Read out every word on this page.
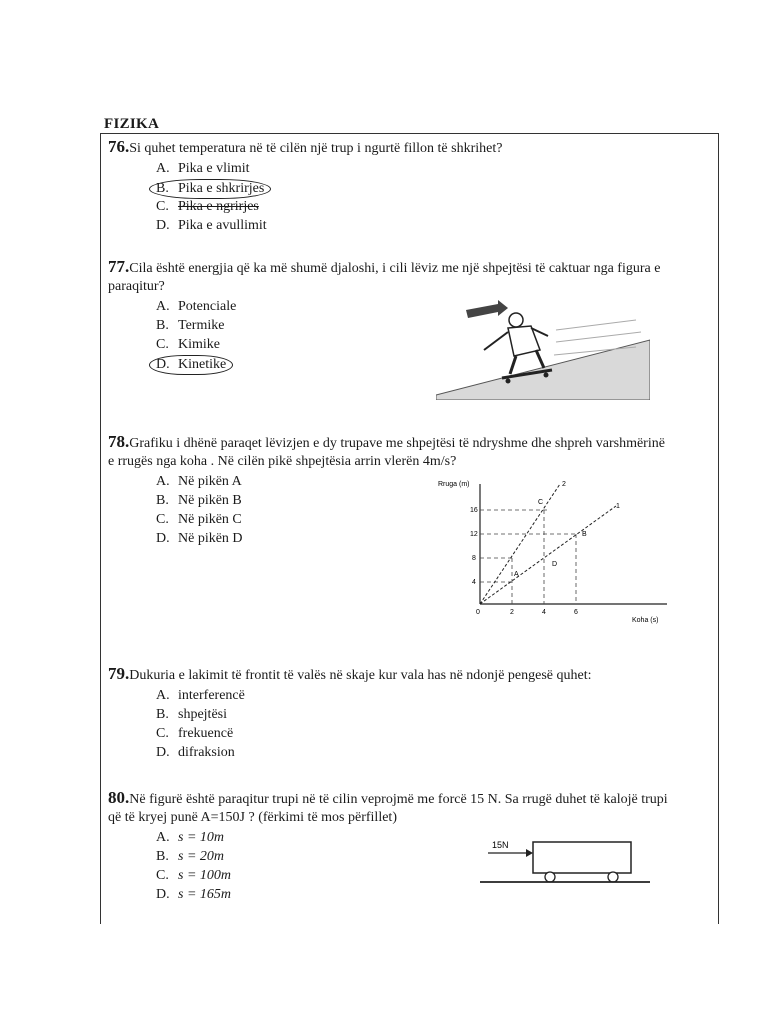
FIZIKA
76.Si quhet temperatura në të cilën një trup i ngurtë fillon të shkrihet?
A. Pika e vlimit
B. Pika e shkrirjes
C. Pika e ngrirjes
D. Pika e avullimit
77.Cila është energjia që ka më shumë djaloshi, i cili lëviz me një shpejtësi të caktuar nga figura e paraqitur?
A. Potenciale
B. Termike
C. Kimike
D. Kinetike
78.Grafiku i dhënë paraqet lëvizjen e dy trupave me shpejtësi të ndryshme dhe shpreh varshmërinë e rrugës nga koha . Në cilën pikë shpejtësia arrin vlerën 4m/s?
A. Në pikën A
B. Në pikën B
C. Në pikën C
D. Në pikën D
Rruga (m)
Koha (s)
2
1
16
12
8
4
0	2	4	6
A
B
C
D
79.Dukuria e lakimit të frontit të valës në skaje kur vala has në ndonjë pengesë quhet:
A. interferencë
B. shpejtësi
C. frekuencë
D. difraksion
80.Në figurë është paraqitur trupi në të cilin veprojmë me forcë 15 N. Sa rrugë duhet të kalojë trupi që të kryej punë A=150J ? (fërkimi të mos përfillet)
A. s = 10m
B. s = 20m
C. s = 100m
D. s = 165m
15N
